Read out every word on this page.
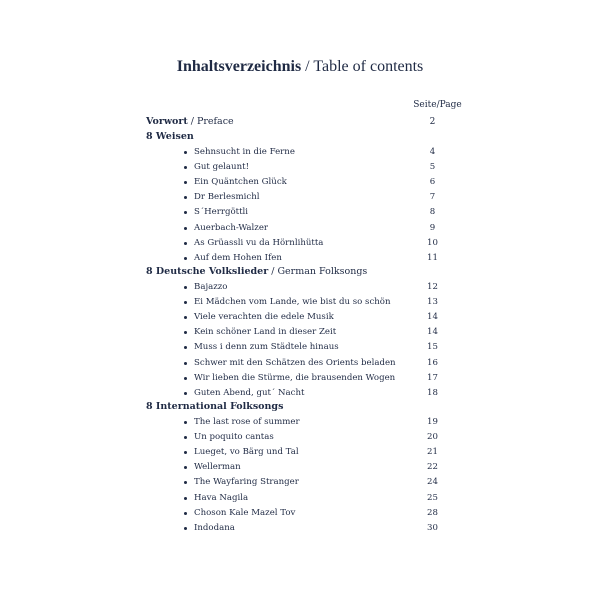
Inhaltsverzeichnis / Table of contents
Seite/Page
Vorwort / Preface	2
8 Weisen
Sehnsucht in die Ferne	4
Gut gelaunt!	5
Ein Quäntchen Glück	6
Dr Berlesmichl	7
S´Herrgöttli	8
Auerbach-Walzer	9
As Grüassli vu da Hörnlihütta	10
Auf dem Hohen Ifen	11
8 Deutsche Volkslieder / German Folksongs
Bajazzo	12
Ei Mädchen vom Lande, wie bist du so schön	13
Viele verachten die edele Musik	14
Kein schöner Land in dieser Zeit	14
Muss i denn zum Städtele hinaus	15
Schwer mit den Schätzen des Orients beladen	16
Wir lieben die Stürme, die brausenden Wogen	17
Guten Abend, gut´ Nacht	18
8 International Folksongs
The last rose of summer	19
Un poquito cantas	20
Lueget, vo Bärg und Tal	21
Wellerman	22
The Wayfaring Stranger	24
Hava Nagila	25
Choson Kale Mazel Tov	28
Indodana	30
